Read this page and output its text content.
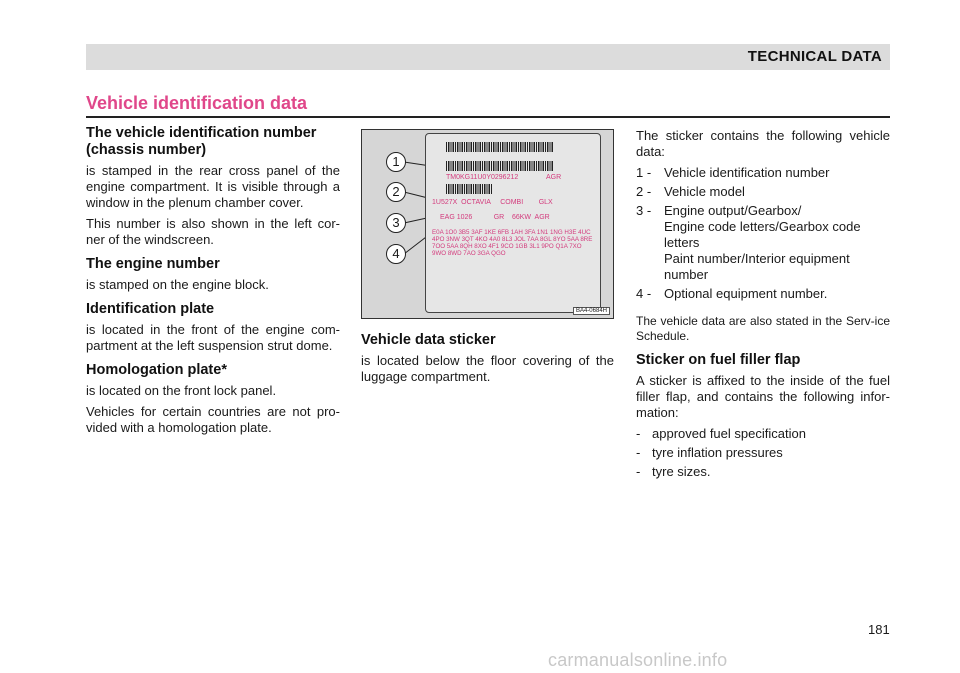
TECHNICAL DATA
Vehicle identification data
The vehicle identification number (chassis number)

is stamped in the rear cross panel of the engine compartment. It is visible through a window in the plenum chamber cover.

This number is also shown in the left cor-ner of the windscreen.

The engine number

is stamped on the engine block.

Identification plate

is located in the front of the engine com-partment at the left suspension strut dome.

Homologation plate*

is located on the front lock panel.

Vehicles for certain countries are not pro-vided with a homologation plate.

TM0KG11U0Y0296212	AGR
1U527X  OCTAVIA     COMBI        GLX
EAG 1026           GR    66KW  AGR
E0A 1O0 3B5 3AF 1KE 6FB 1AH 3FA 1N1 1NG H3E 4UC 4PO 3NW 3QT 4KO 4A0 8L3 JOL 7AA 8GL 8YO 5AA 8RE 7OO 5AA 8QH 8XO 4F1 9CO 1GB 3L1 9PO Q1A 7XO 9WO 8WD 7AO 3GA QGO
1
2
3
4
BA4-0684H
Vehicle data sticker

is located below the floor covering of the luggage compartment.

The sticker contains the following vehicle data:

1 - Vehicle identification number
2 - Vehicle model
3 - Engine output/Gearbox/
Engine code letters/Gearbox code letters
Paint number/Interior equipment number
4 - Optional equipment number.

The vehicle data are also stated in the Serv-ice Schedule.

Sticker on fuel filler flap

A sticker is affixed to the inside of the fuel filler flap, and contains the following infor-mation:

- approved fuel specification
- tyre inflation pressures
- tyre sizes.
181
carmanualsonline.info
